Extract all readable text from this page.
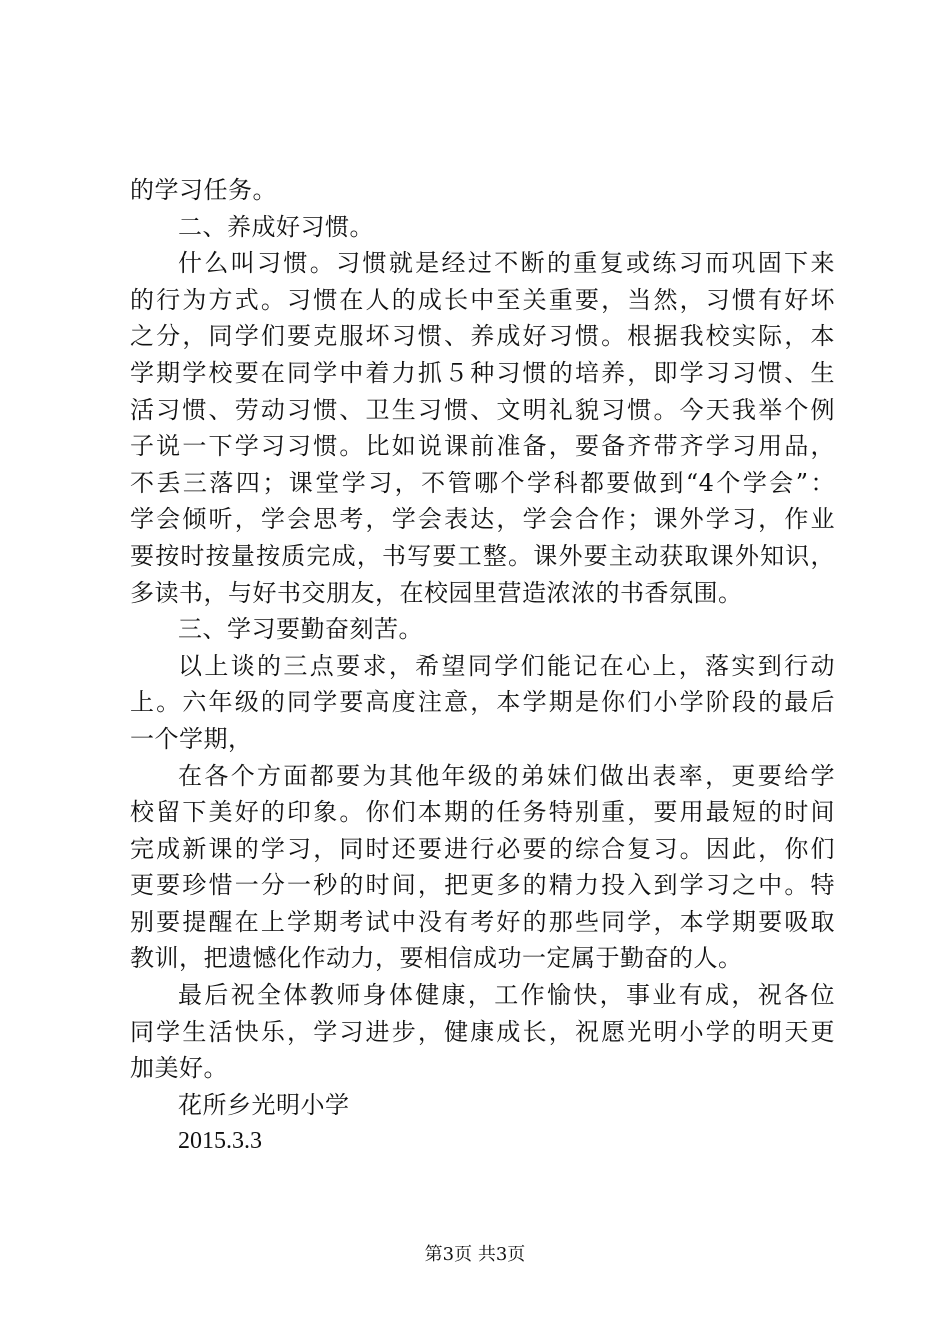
的学习任务。

二、养成好习惯。

什么叫习惯。习惯就是经过不断的重复或练习而巩固下来

的行为方式。习惯在人的成长中至关重要，当然，习惯有好坏

之分，同学们要克服坏习惯、养成好习惯。根据我校实际，本

学期学校要在同学中着力抓５种习惯的培养，即学习习惯、生

活习惯、劳动习惯、卫生习惯、文明礼貌习惯。今天我举个例

子说一下学习习惯。比如说课前准备，要备齐带齐学习用品，

不丢三落四；课堂学习，不管哪个学科都要做到“4个学会”：

学会倾听，学会思考，学会表达，学会合作；课外学习，作业

要按时按量按质完成，书写要工整。课外要主动获取课外知识，

多读书，与好书交朋友，在校园里营造浓浓的书香氛围。

三、学习要勤奋刻苦。

以上谈的三点要求，希望同学们能记在心上，落实到行动

上。六年级的同学要高度注意，本学期是你们小学阶段的最后

一个学期，

在各个方面都要为其他年级的弟妹们做出表率，更要给学

校留下美好的印象。你们本期的任务特别重，要用最短的时间

完成新课的学习，同时还要进行必要的综合复习。因此，你们

更要珍惜一分一秒的时间，把更多的精力投入到学习之中。特

别要提醒在上学期考试中没有考好的那些同学，本学期要吸取

教训，把遗憾化作动力，要相信成功一定属于勤奋的人。

最后祝全体教师身体健康，工作愉快，事业有成，祝各位

同学生活快乐，学习进步，健康成长，祝愿光明小学的明天更

加美好。

花所乡光明小学

2015.3.3

第3页 共3页
